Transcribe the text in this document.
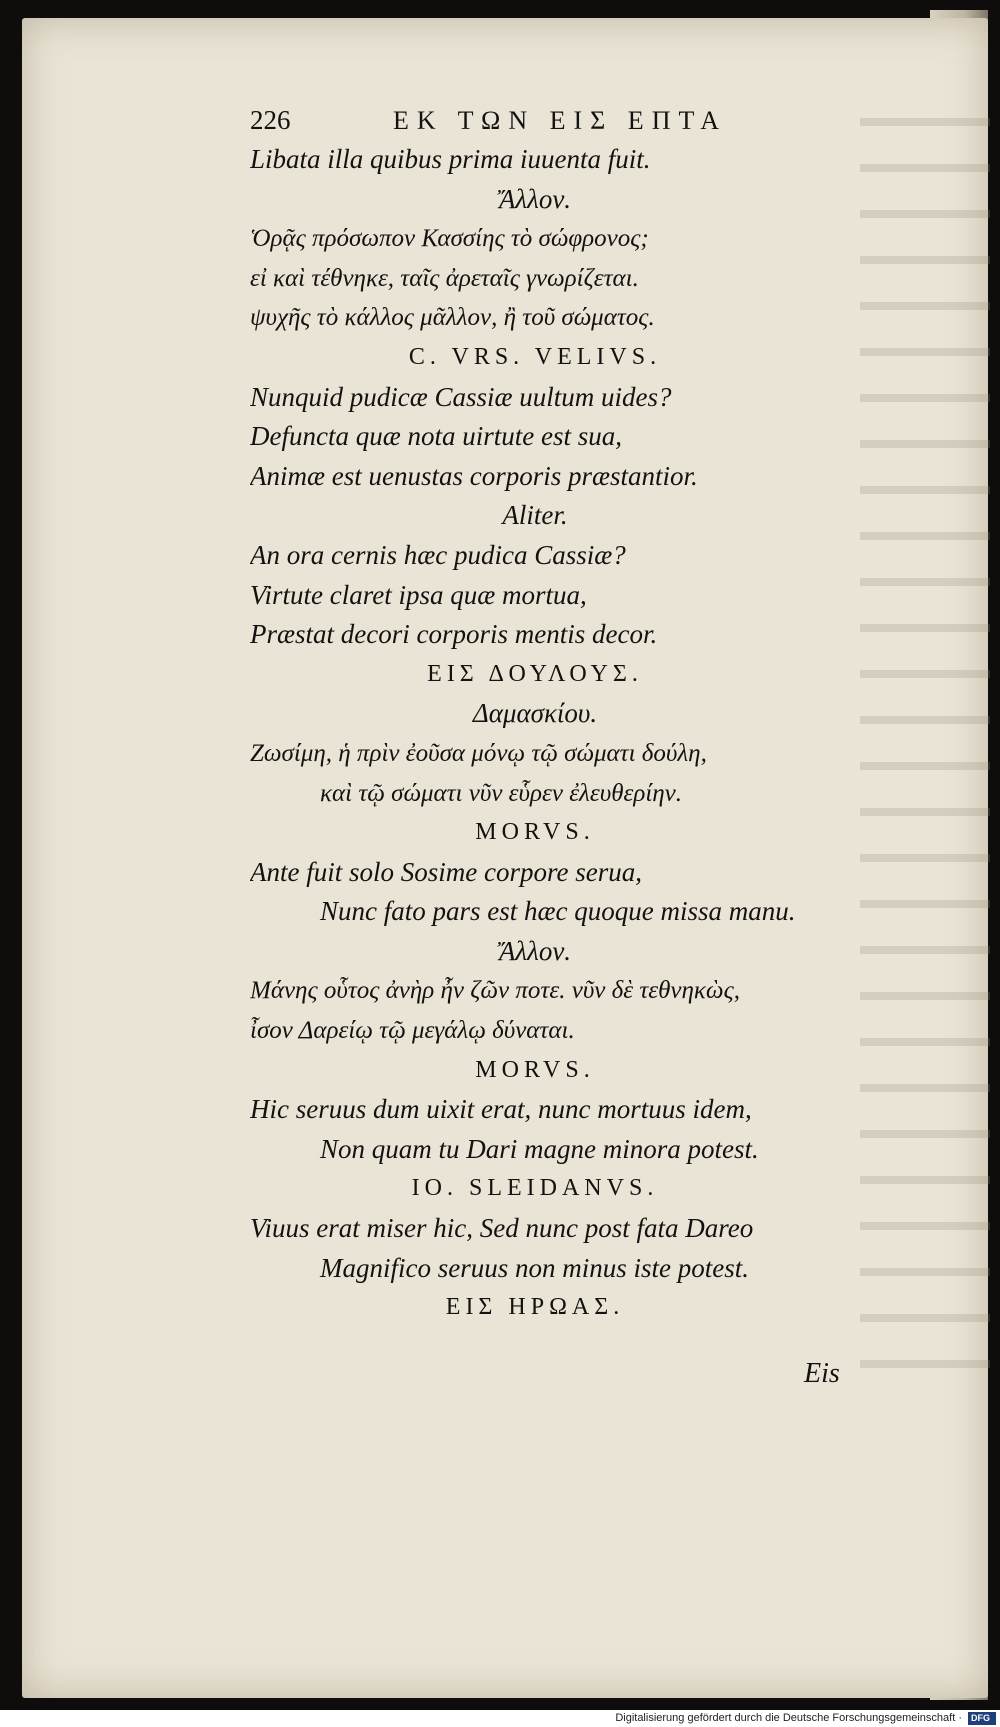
226	ΕΚ ΤΩΝ ΕΙΣ ΕΠΤΑ
Libata illa quibus prima iuuenta fuit.
Ἄλλον.
Ὁρᾷς πρόσωπον Κασσίης τὸ σώφρονος;
εἰ καὶ τέθνηκε, ταῖς ἀρεταῖς γνωρίζεται.
ψυχῆς τὸ κάλλος μᾶλλον, ἢ τοῦ σώματος.
C. VRS. VELIVS.
Nunquid pudicæ Cassiæ uultum uides?
Defuncta quæ nota uirtute est sua,
Animæ est uenustas corporis præstantior.
Aliter.
An ora cernis hæc pudica Cassiæ?
Virtute claret ipsa quæ mortua,
Præstat decori corporis mentis decor.
ΕΙΣ ΔΟΥΛΟΥΣ.
Δαμασκίου.
Ζωσίμη, ἡ πρὶν ἐοῦσα μόνῳ τῷ σώματι δούλη,
καὶ τῷ σώματι νῦν εὗρεν ἐλευθερίην.
MORVS.
Ante fuit solo Sosime corpore serua,
Nunc fato pars est hæc quoque missa manu.
Ἄλλον.
Μάνης οὗτος ἀνὴρ ἦν ζῶν ποτε. νῦν δὲ τεθνηκὼς,
ἶσον Δαρείῳ τῷ μεγάλῳ δύναται.
MORVS.
Hic seruus dum uixit erat, nunc mortuus idem,
Non quam tu Dari magne minora potest.
IO. SLEIDANVS.
Viuus erat miser hic, Sed nunc post fata Dareo
Magnifico seruus non minus iste potest.
ΕΙΣ ΗΡΩΑΣ.
Eis
Digitalisierung gefördert durch die Deutsche Forschungsgemeinschaft · DFG
